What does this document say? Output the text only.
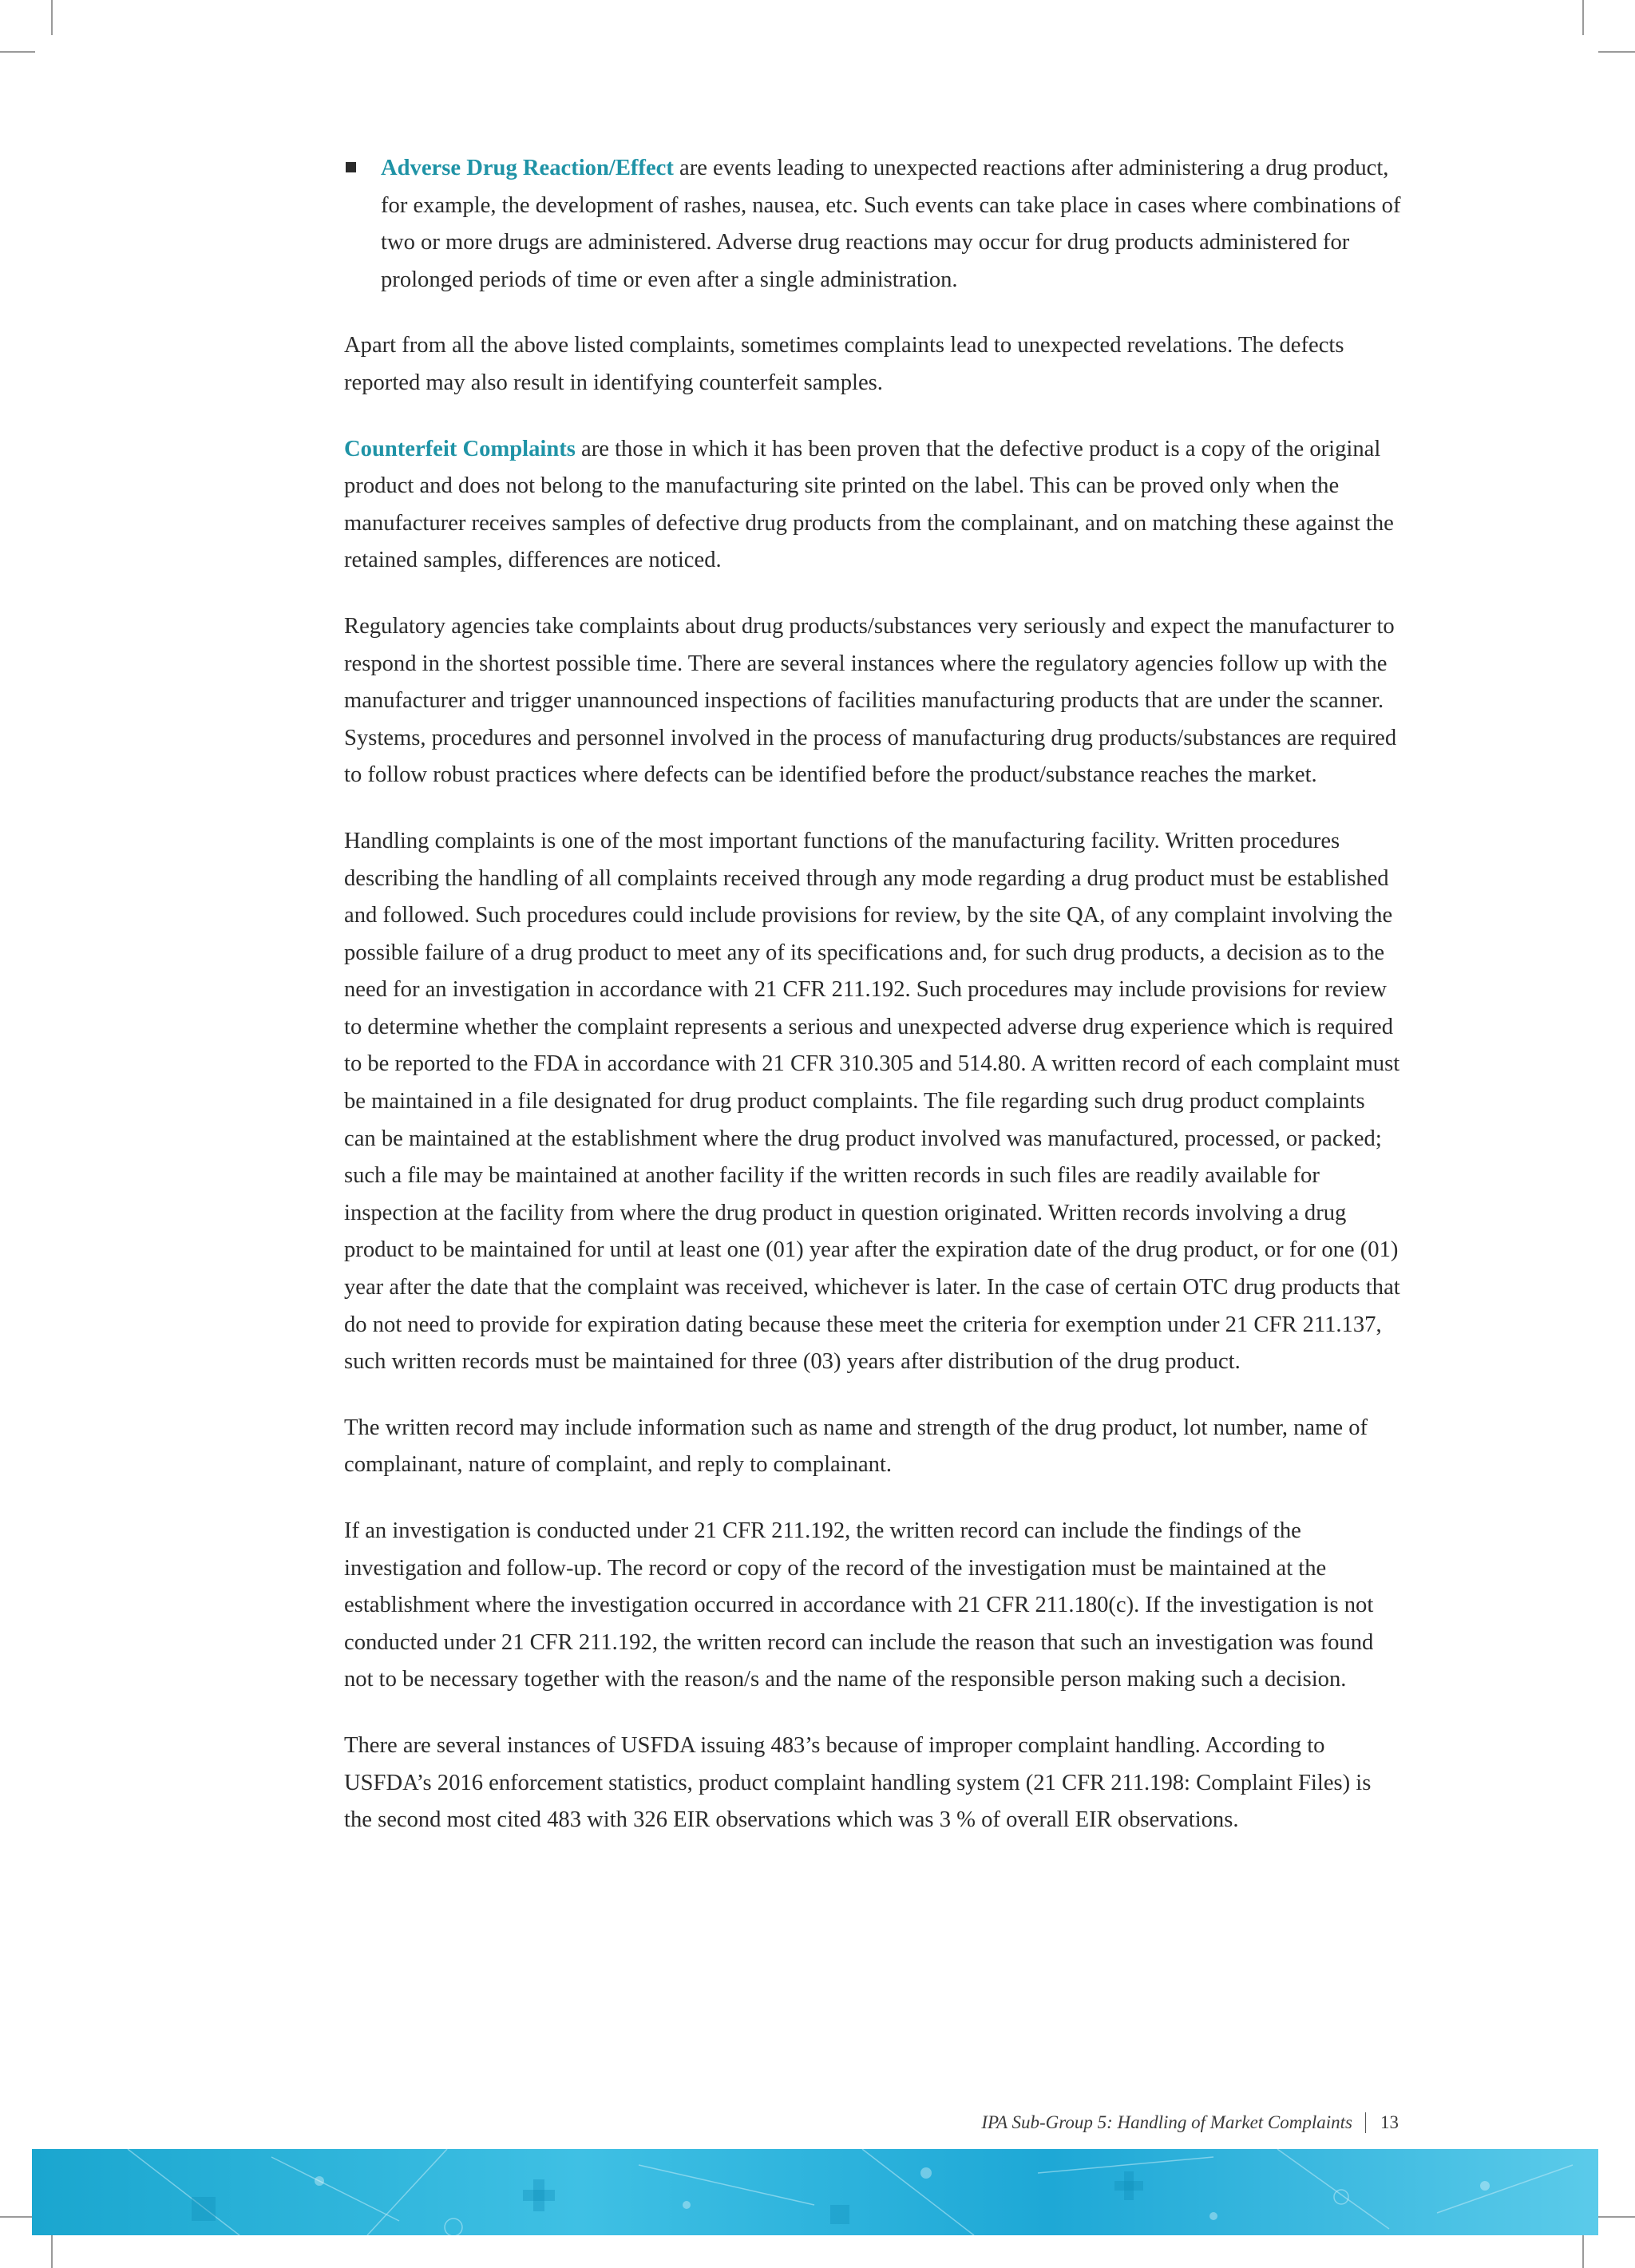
Adverse Drug Reaction/Effect are events leading to unexpected reactions after administering a drug product, for example, the development of rashes, nausea, etc. Such events can take place in cases where combinations of two or more drugs are administered. Adverse drug reactions may occur for drug products administered for prolonged periods of time or even after a single administration.

Apart from all the above listed complaints, sometimes complaints lead to unexpected revelations. The defects reported may also result in identifying counterfeit samples.

Counterfeit Complaints are those in which it has been proven that the defective product is a copy of the original product and does not belong to the manufacturing site printed on the label. This can be proved only when the manufacturer receives samples of defective drug products from the complainant, and on matching these against the retained samples, differences are noticed.

Regulatory agencies take complaints about drug products/substances very seriously and expect the manufacturer to respond in the shortest possible time. There are several instances where the regulatory agencies follow up with the manufacturer and trigger unannounced inspections of facilities manufacturing products that are under the scanner. Systems, procedures and personnel involved in the process of manufacturing drug products/substances are required to follow robust practices where defects can be identified before the product/substance reaches the market.

Handling complaints is one of the most important functions of the manufacturing facility. Written procedures describing the handling of all complaints received through any mode regarding a drug product must be established and followed. Such procedures could include provisions for review, by the site QA, of any complaint involving the possible failure of a drug product to meet any of its specifications and, for such drug products, a decision as to the need for an investigation in accordance with 21 CFR 211.192. Such procedures may include provisions for review to determine whether the complaint represents a serious and unexpected adverse drug experience which is required to be reported to the FDA in accordance with 21 CFR 310.305 and 514.80. A written record of each complaint must be maintained in a file designated for drug product complaints. The file regarding such drug product complaints can be maintained at the establishment where the drug product involved was manufactured, processed, or packed; such a file may be maintained at another facility if the written records in such files are readily available for inspection at the facility from where the drug product in question originated. Written records involving a drug product to be maintained for until at least one (01) year after the expiration date of the drug product, or for one (01) year after the date that the complaint was received, whichever is later. In the case of certain OTC drug products that do not need to provide for expiration dating because these meet the criteria for exemption under 21 CFR 211.137, such written records must be maintained for three (03) years after distribution of the drug product.

The written record may include information such as name and strength of the drug product, lot number, name of complainant, nature of complaint, and reply to complainant.

If an investigation is conducted under 21 CFR 211.192, the written record can include the findings of the investigation and follow-up. The record or copy of the record of the investigation must be maintained at the establishment where the investigation occurred in accordance with 21 CFR 211.180(c). If the investigation is not conducted under 21 CFR 211.192, the written record can include the reason that such an investigation was found not to be necessary together with the reason/s and the name of the responsible person making such a decision.

There are several instances of USFDA issuing 483’s because of improper complaint handling. According to USFDA’s 2016 enforcement statistics, product complaint handling system (21 CFR 211.198: Complaint Files) is the second most cited 483 with 326 EIR observations which was 3 % of overall EIR observations.

IPA Sub-Group 5: Handling of Market Complaints 13
